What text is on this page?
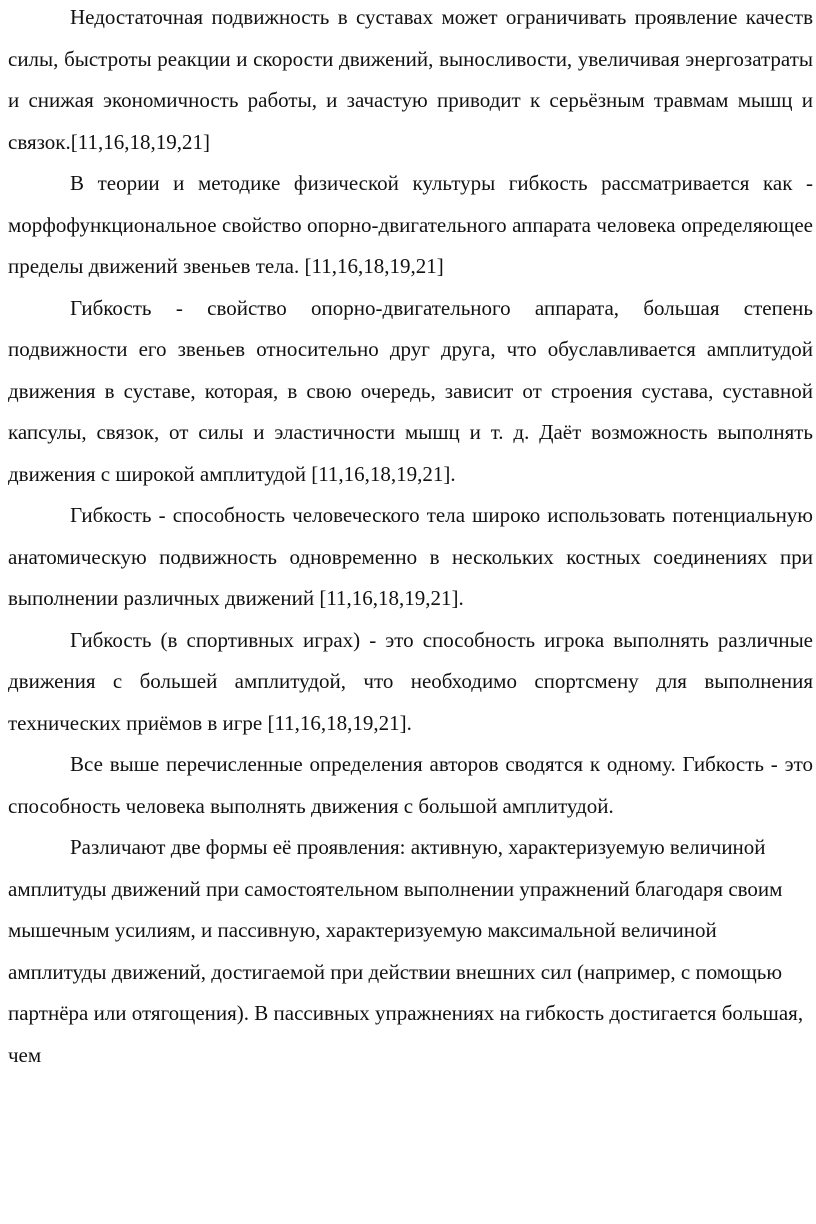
Недостаточная подвижность в суставах может ограничивать проявление качеств силы, быстроты реакции и скорости движений, выносливости, увеличивая энергозатраты и снижая экономичность работы, и зачастую приводит к серьёзным травмам мышц и связок.[11,16,18,19,21]

В теории и методике физической культуры гибкость рассматривается как - морфофункциональное свойство опорно-двигательного аппарата человека определяющее пределы движений звеньев тела. [11,16,18,19,21]

Гибкость - свойство опорно-двигательного аппарата, большая степень подвижности его звеньев относительно друг друга, что обуславливается амплитудой движения в суставе, которая, в свою очередь, зависит от строения сустава, суставной капсулы, связок, от силы и эластичности мышц и т. д. Даёт возможность выполнять движения с широкой амплитудой [11,16,18,19,21].

Гибкость - способность человеческого тела широко использовать потенциальную анатомическую подвижность одновременно в нескольких костных соединениях при выполнении различных движений [11,16,18,19,21].

Гибкость (в спортивных играх) - это способность игрока выполнять различные движения с большей амплитудой, что необходимо спортсмену для выполнения технических приёмов в игре [11,16,18,19,21].

Все выше перечисленные определения авторов сводятся к одному. Гибкость - это способность человека выполнять движения с большой амплитудой.

Различают две формы её проявления: активную, характеризуемую величиной амплитуды движений при самостоятельном выполнении упражнений благодаря своим мышечным усилиям, и пассивную, характеризуемую максимальной величиной амплитуды движений, достигаемой при действии внешних сил (например, с помощью партнёра или отягощения). В пассивных упражнениях на гибкость достигается большая, чем
